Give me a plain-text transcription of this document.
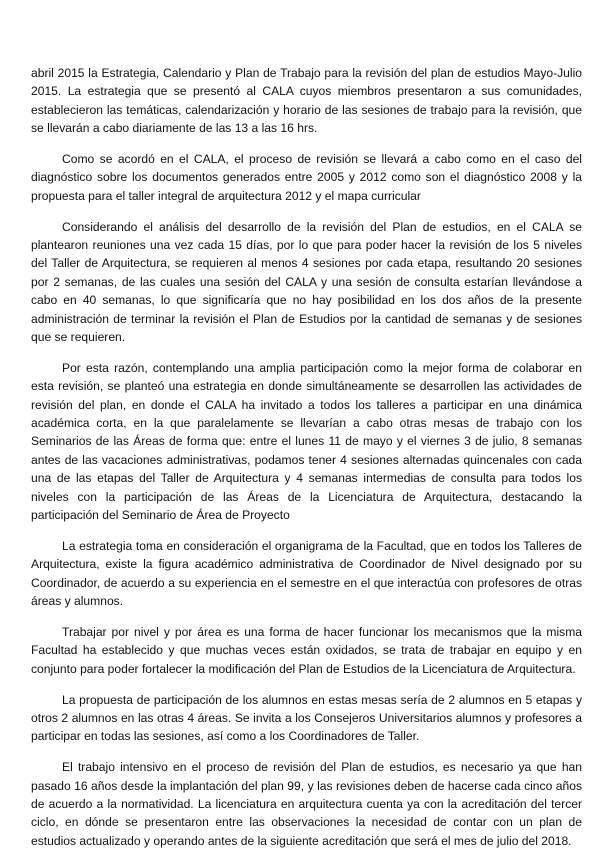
abril 2015 la Estrategia, Calendario y Plan de Trabajo para la revisión del plan de estudios Mayo-Julio 2015. La estrategia que se presentó al CALA cuyos miembros presentaron a sus comunidades, establecieron las temáticas, calendarización y horario de las sesiones de trabajo para la revisión, que se llevarán a cabo diariamente de las 13 a las 16 hrs.

Como se acordó en el CALA, el proceso de revisión se llevará a cabo como en el caso del diagnóstico sobre los documentos generados entre 2005 y 2012 como son el diagnóstico 2008 y la propuesta para el taller integral de arquitectura 2012 y el mapa curricular

Considerando el análisis del desarrollo de la revisión del Plan de estudios, en el CALA se plantearon reuniones una vez cada 15 días, por lo que para poder hacer la revisión de los 5 niveles del Taller de Arquitectura, se requieren al menos 4 sesiones por cada etapa, resultando 20 sesiones por 2 semanas, de las cuales una sesión del CALA y una sesión de consulta estarían llevándose a cabo en 40 semanas, lo que significaría que no hay posibilidad en los dos años de la presente administración de terminar la revisión el Plan de Estudios por la cantidad de semanas y de sesiones que se requieren.

Por esta razón, contemplando una amplia participación como la mejor forma de colaborar en esta revisión, se planteó una estrategia en donde simultáneamente se desarrollen las actividades de revisión del plan, en donde el CALA ha invitado a todos los talleres a participar en una dinámica académica corta, en la que paralelamente se llevarían a cabo otras mesas de trabajo con los Seminarios de las Áreas de forma que: entre el lunes 11 de mayo y el viernes 3 de julio, 8 semanas antes de las vacaciones administrativas, podamos tener 4 sesiones alternadas quincenales con cada una de las etapas del Taller de Arquitectura y 4 semanas intermedias de consulta para todos los niveles con la participación de las Áreas de la Licenciatura de Arquitectura, destacando la participación del Seminario de Área de Proyecto

La estrategia toma en consideración el organigrama de la Facultad, que en todos los Talleres de Arquitectura, existe la figura académico administrativa de Coordinador de Nivel designado por su Coordinador, de acuerdo a su experiencia en el semestre en el que interactúa con profesores de otras áreas y alumnos.

Trabajar por nivel y por área es una forma de hacer funcionar los mecanismos que la misma Facultad ha establecido y que muchas veces están oxidados, se trata de trabajar en equipo y en conjunto para poder fortalecer la modificación del Plan de Estudios de la Licenciatura de Arquitectura.

La propuesta de participación de los alumnos en estas mesas sería de 2 alumnos en 5 etapas y otros 2 alumnos en las otras 4 áreas. Se invita a los Consejeros Universitarios alumnos y profesores a participar en todas las sesiones, así como a los Coordinadores de Taller.

El trabajo intensivo en el proceso de revisión del Plan de estudios, es necesario ya que han pasado 16 años desde la implantación del plan 99, y las revisiones deben de hacerse cada cinco años de acuerdo a la normatividad. La licenciatura en arquitectura cuenta ya con la acreditación del tercer ciclo, en dónde se presentaron entre las observaciones la necesidad de contar con un plan de estudios actualizado y operando antes de la siguiente acreditación que será el mes de julio del 2018.
